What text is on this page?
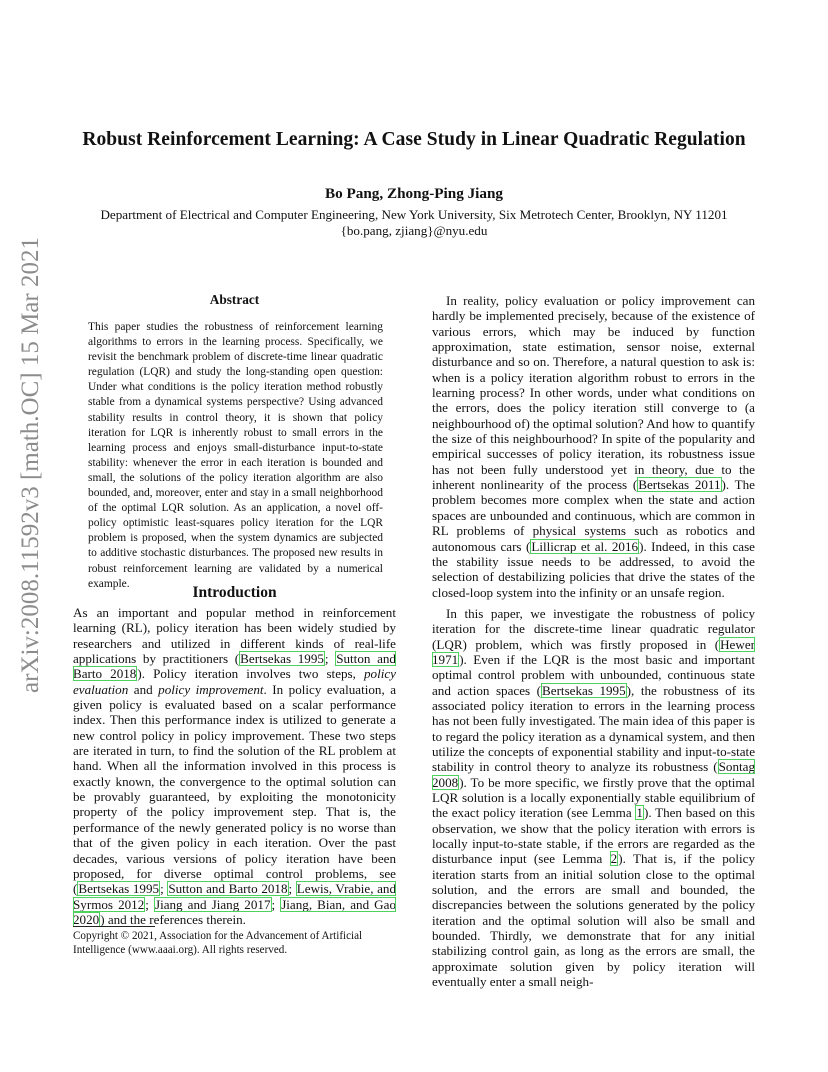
Robust Reinforcement Learning: A Case Study in Linear Quadratic Regulation
Bo Pang, Zhong-Ping Jiang
Department of Electrical and Computer Engineering, New York University, Six Metrotech Center, Brooklyn, NY 11201
{bo.pang, zjiang}@nyu.edu
arXiv:2008.11592v3 [math.OC] 15 Mar 2021	Abstract
This paper studies the robustness of reinforcement learning algorithms to errors in the learning process. Specifically, we revisit the benchmark problem of discrete-time linear quadratic regulation (LQR) and study the long-standing open question: Under what conditions is the policy iteration method robustly stable from a dynamical systems perspective? Using advanced stability results in control theory, it is shown that policy iteration for LQR is inherently robust to small errors in the learning process and enjoys small-disturbance input-to-state stability: whenever the error in each iteration is bounded and small, the solutions of the policy iteration algorithm are also bounded, and, moreover, enter and stay in a small neighborhood of the optimal LQR solution. As an application, a novel off-policy optimistic least-squares policy iteration for the LQR problem is proposed, when the system dynamics are subjected to additive stochastic disturbances. The proposed new results in robust reinforcement learning are validated by a numerical example.
Introduction

As an important and popular method in reinforcement learning (RL), policy iteration has been widely studied by researchers and utilized in different kinds of real-life applications by practitioners (Bertsekas 1995; Sutton and Barto 2018). Policy iteration involves two steps, policy evaluation and policy improvement. In policy evaluation, a given policy is evaluated based on a scalar performance index. Then this performance index is utilized to generate a new control policy in policy improvement. These two steps are iterated in turn, to find the solution of the RL problem at hand. When all the information involved in this process is exactly known, the convergence to the optimal solution can be provably guaranteed, by exploiting the monotonicity property of the policy improvement step. That is, the performance of the newly generated policy is no worse than that of the given policy in each iteration. Over the past decades, various versions of policy iteration have been proposed, for diverse optimal control problems, see (Bertsekas 1995; Sutton and Barto 2018; Lewis, Vrabie, and Syrmos 2012; Jiang and Jiang 2017; Jiang, Bian, and Gao 2020) and the references therein.

Copyright © 2021, Association for the Advancement of Artificial
Intelligence (www.aaai.org). All rights reserved.

In reality, policy evaluation or policy improvement can hardly be implemented precisely, because of the existence of various errors, which may be induced by function approximation, state estimation, sensor noise, external disturbance and so on. Therefore, a natural question to ask is: when is a policy iteration algorithm robust to errors in the learning process? In other words, under what conditions on the errors, does the policy iteration still converge to (a neighbourhood of) the optimal solution? And how to quantify the size of this neighbourhood? In spite of the popularity and empirical successes of policy iteration, its robustness issue has not been fully understood yet in theory, due to the inherent nonlinearity of the process (Bertsekas 2011). The problem becomes more complex when the state and action spaces are unbounded and continuous, which are common in RL problems of physical systems such as robotics and autonomous cars (Lillicrap et al. 2016). Indeed, in this case the stability issue needs to be addressed, to avoid the selection of destabilizing policies that drive the states of the closed-loop system into the infinity or an unsafe region.

In this paper, we investigate the robustness of policy iteration for the discrete-time linear quadratic regulator (LQR) problem, which was firstly proposed in (Hewer 1971). Even if the LQR is the most basic and important optimal control problem with unbounded, continuous state and action spaces (Bertsekas 1995), the robustness of its associated policy iteration to errors in the learning process has not been fully investigated. The main idea of this paper is to regard the policy iteration as a dynamical system, and then utilize the concepts of exponential stability and input-to-state stability in control theory to analyze its robustness (Sontag 2008). To be more specific, we firstly prove that the optimal LQR solution is a locally exponentially stable equilibrium of the exact policy iteration (see Lemma 1). Then based on this observation, we show that the policy iteration with errors is locally input-to-state stable, if the errors are regarded as the disturbance input (see Lemma 2). That is, if the policy iteration starts from an initial solution close to the optimal solution, and the errors are small and bounded, the discrepancies between the solutions generated by the policy iteration and the optimal solution will also be small and bounded. Thirdly, we demonstrate that for any initial stabilizing control gain, as long as the errors are small, the approximate solution given by policy iteration will eventually enter a small neigh-
